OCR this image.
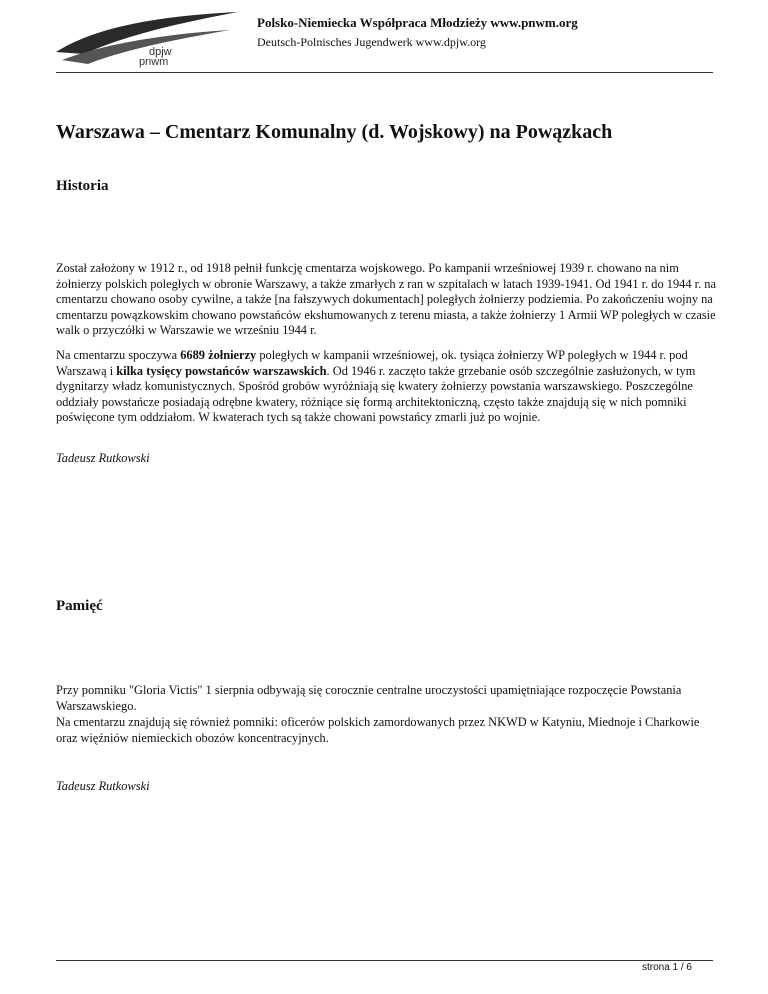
dpjw
pnwm
Polsko-Niemiecka Współpraca Młodzieży www.pnwm.org
Deutsch-Polnisches Jugendwerk www.dpjw.org
Warszawa – Cmentarz Komunalny (d. Wojskowy) na Powązkach
Historia

Został założony w 1912 r., od 1918 pełnił funkcję cmentarza wojskowego. Po kampanii wrześniowej 1939 r. chowano na nim żołnierzy polskich poległych w obronie Warszawy, a także zmarłych z ran w szpitalach w latach 1939-1941. Od 1941 r. do 1944 r. na cmentarzu chowano osoby cywilne, a także [na fałszywych dokumentach] poległych żołnierzy podziemia. Po zakończeniu wojny na cmentarzu powązkowskim chowano powstańców ekshumowanych z terenu miasta, a także żołnierzy 1 Armii WP poległych w czasie walk o przyczółki w Warszawie we wrześniu 1944 r.

Na cmentarzu spoczywa 6689 żołnierzy poległych w kampanii wrześniowej, ok. tysiąca żołnierzy WP poległych w 1944 r. pod Warszawą i kilka tysięcy powstańców warszawskich. Od 1946 r. zaczęto także grzebanie osób szczególnie zasłużonych, w tym dygnitarzy władz komunistycznych. Spośród grobów wyróżniają się kwatery żołnierzy powstania warszawskiego. Poszczególne oddziały powstańcze posiadają odrębne kwatery, różniące się formą architektoniczną, często także znajdują się w nich pomniki poświęcone tym oddziałom. W kwaterach tych są także chowani powstańcy zmarli już po wojnie.

Tadeusz Rutkowski

Pamięć

Przy pomniku "Gloria Victis" 1 sierpnia odbywają się corocznie centralne uroczystości upamiętniające rozpoczęcie Powstania Warszawskiego.

Na cmentarzu znajdują się również pomniki: oficerów polskich zamordowanych przez NKWD w Katyniu, Miednoje i Charkowie oraz więźniów niemieckich obozów koncentracyjnych.

Tadeusz Rutkowski

strona 1 / 6
